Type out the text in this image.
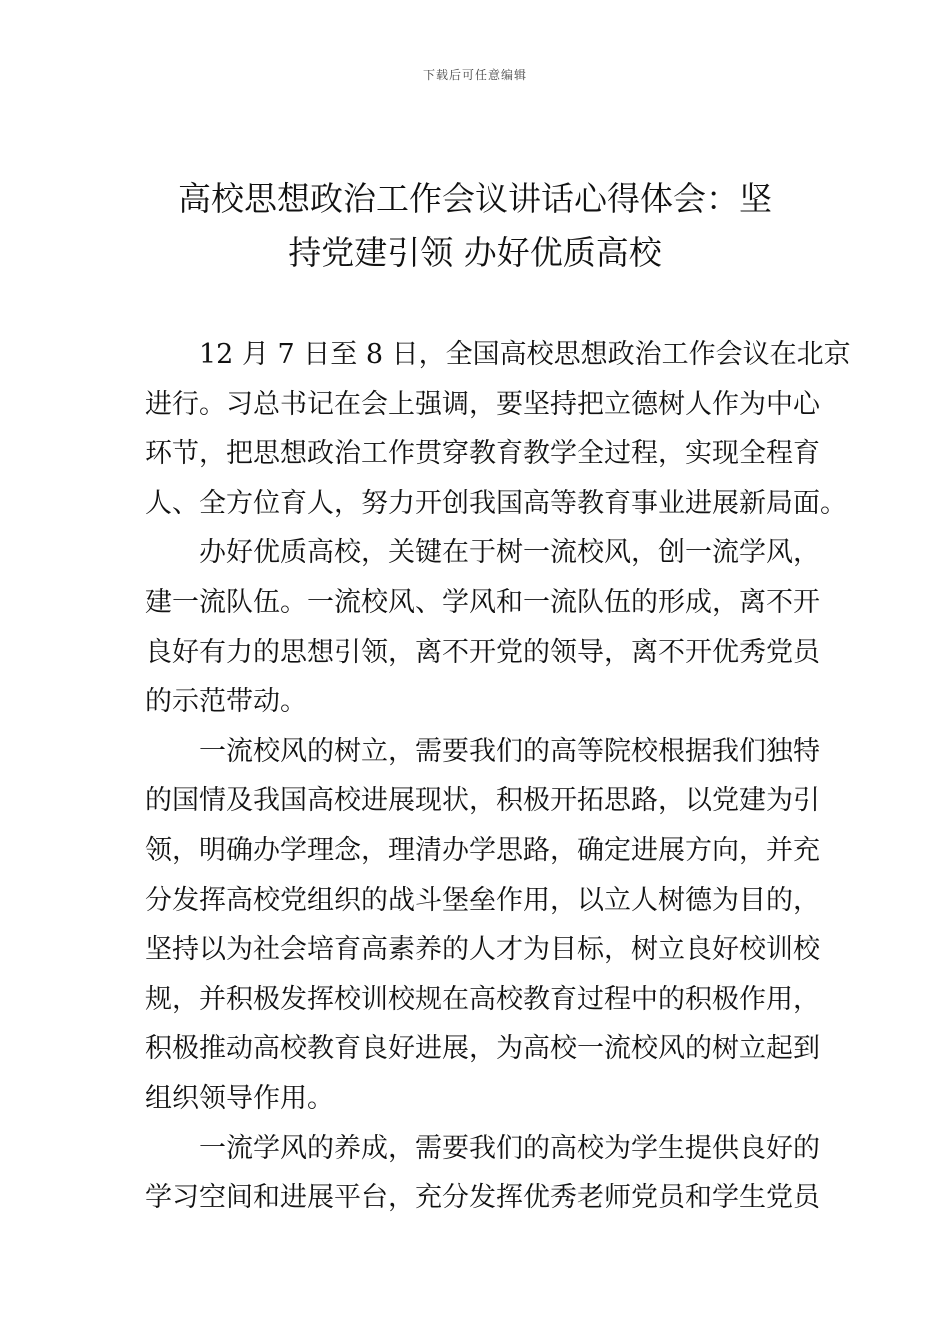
下载后可任意编辑
高校思想政治工作会议讲话心得体会：坚
持党建引领 办好优质高校
12 月 7 日至 8 日，全国高校思想政治工作会议在北京
进行。习总书记在会上强调，要坚持把立德树人作为中心
环节，把思想政治工作贯穿教育教学全过程，实现全程育
人、全方位育人，努力开创我国高等教育事业进展新局面。
办好优质高校，关键在于树一流校风，创一流学风，
建一流队伍。一流校风、学风和一流队伍的形成，离不开
良好有力的思想引领，离不开党的领导，离不开优秀党员
的示范带动。
一流校风的树立，需要我们的高等院校根据我们独特
的国情及我国高校进展现状，积极开拓思路，以党建为引
领，明确办学理念，理清办学思路，确定进展方向，并充
分发挥高校党组织的战斗堡垒作用，以立人树德为目的，
坚持以为社会培育高素养的人才为目标，树立良好校训校
规，并积极发挥校训校规在高校教育过程中的积极作用，
积极推动高校教育良好进展，为高校一流校风的树立起到
组织领导作用。
一流学风的养成，需要我们的高校为学生提供良好的
学习空间和进展平台，充分发挥优秀老师党员和学生党员
